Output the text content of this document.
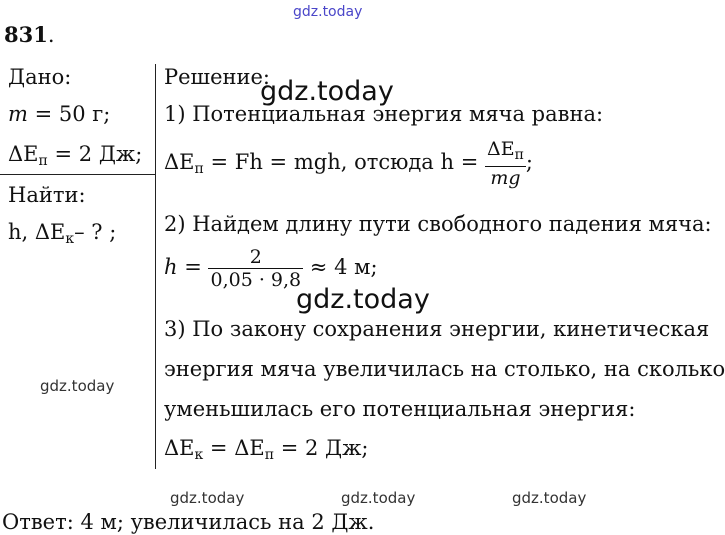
gdz.today
gdz.today
gdz.today
gdz.today
gdz.today	gdz.today	gdz.today
831.
Дано:
m = 50 г;
$\Delta E_п = 2$ Дж;
Найти:
h, $\Delta E_к-$ ? ;
Решение:
1) Потенциальная энергия мяча равна:
$\Delta E_п = Fh$ = mgh, отсюда $h = \frac{\Delta E_п}{mg}$ ;
2) Найдем длину пути свободного падения мяча:
$h = \frac{2}{0,05 \cdot 9,8} \approx 4$ м;
3) По закону сохранения энергии, кинетическая
энергия мяча увеличилась на столько, на сколько
уменьшилась его потенциальная энергия:
$\Delta E_к = \Delta E_п = 2$ Дж;
Ответ: 4 м; увеличилась на 2 Дж.
